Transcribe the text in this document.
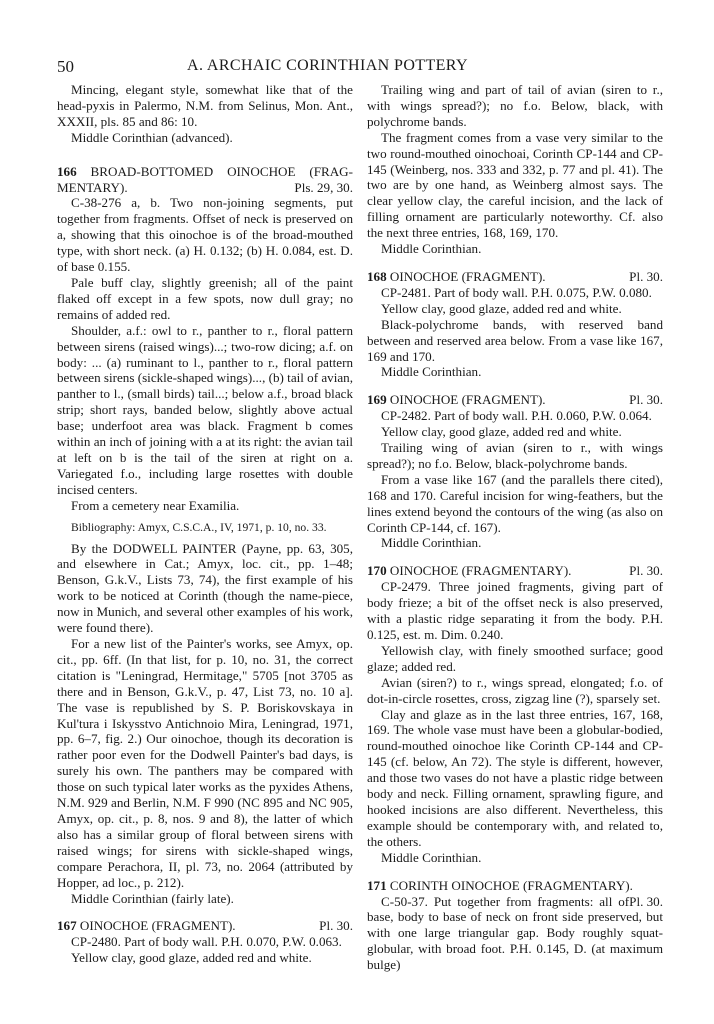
50	A. ARCHAIC CORINTHIAN POTTERY

Mincing, elegant style, somewhat like that of the head-pyxis in Palermo, N.M. from Selinus, Mon. Ant., XXXII, pls. 85 and 86: 10.

Middle Corinthian (advanced).

166 BROAD-BOTTOMED OINOCHOE (FRAG-MENTARY).	Pls. 29, 30.

C-38-276 a, b. Two non-joining segments, put together from fragments. Offset of neck is preserved on a, showing that this oinochoe is of the broad-mouthed type, with short neck. (a) H. 0.132; (b) H. 0.084, est. D. of base 0.155.

Pale buff clay, slightly greenish; all of the paint flaked off except in a few spots, now dull gray; no remains of added red.

Shoulder, a.f.: owl to r., panther to r., floral pattern between sirens (raised wings)...; two-row dicing; a.f. on body: ... (a) ruminant to l., panther to r., floral pattern between sirens (sickle-shaped wings)..., (b) tail of avian, panther to l., (small birds) tail...; below a.f., broad black strip; short rays, banded below, slightly above actual base; underfoot area was black. Fragment b comes within an inch of joining with a at its right: the avian tail at left on b is the tail of the siren at right on a. Variegated f.o., including large rosettes with double incised centers.

From a cemetery near Examilia.

Bibliography: Amyx, C.S.C.A., IV, 1971, p. 10, no. 33.

By the DODWELL PAINTER (Payne, pp. 63, 305, and elsewhere in Cat.; Amyx, loc. cit., pp. 1–48; Benson, G.k.V., Lists 73, 74), the first example of his work to be noticed at Corinth (though the name-piece, now in Munich, and several other examples of his work, were found there).

For a new list of the Painter's works, see Amyx, op. cit., pp. 6ff. (In that list, for p. 10, no. 31, the correct citation is "Leningrad, Hermitage," 5705 [not 3705 as there and in Benson, G.k.V., p. 47, List 73, no. 10 a]. The vase is republished by S. P. Boriskovskaya in Kul'tura i Iskysstvo Antichnoio Mira, Leningrad, 1971, pp. 6–7, fig. 2.) Our oinochoe, though its decoration is rather poor even for the Dodwell Painter's bad days, is surely his own. The panthers may be compared with those on such typical later works as the pyxides Athens, N.M. 929 and Berlin, N.M. F 990 (NC 895 and NC 905, Amyx, op. cit., p. 8, nos. 9 and 8), the latter of which also has a similar group of floral between sirens with raised wings; for sirens with sickle-shaped wings, compare Perachora, II, pl. 73, no. 2064 (attributed by Hopper, ad loc., p. 212).

Middle Corinthian (fairly late).

167 OINOCHOE (FRAGMENT).	Pl. 30.

CP-2480. Part of body wall. P.H. 0.070, P.W. 0.063.

Yellow clay, good glaze, added red and white.

Trailing wing and part of tail of avian (siren to r., with wings spread?); no f.o. Below, black, with polychrome bands.

The fragment comes from a vase very similar to the two round-mouthed oinochoai, Corinth CP-144 and CP-145 (Weinberg, nos. 333 and 332, p. 77 and pl. 41). The two are by one hand, as Weinberg almost says. The clear yellow clay, the careful incision, and the lack of filling ornament are particularly noteworthy. Cf. also the next three entries, 168, 169, 170.

Middle Corinthian.

168 OINOCHOE (FRAGMENT).	Pl. 30.

CP-2481. Part of body wall. P.H. 0.075, P.W. 0.080.

Yellow clay, good glaze, added red and white.

Black-polychrome bands, with reserved band between and reserved area below. From a vase like 167, 169 and 170.

Middle Corinthian.

169 OINOCHOE (FRAGMENT).	Pl. 30.

CP-2482. Part of body wall. P.H. 0.060, P.W. 0.064.

Yellow clay, good glaze, added red and white.

Trailing wing of avian (siren to r., with wings spread?); no f.o. Below, black-polychrome bands.

From a vase like 167 (and the parallels there cited), 168 and 170. Careful incision for wing-feathers, but the lines extend beyond the contours of the wing (as also on Corinth CP-144, cf. 167).

Middle Corinthian.

170 OINOCHOE (FRAGMENTARY).	Pl. 30.

CP-2479. Three joined fragments, giving part of body frieze; a bit of the offset neck is also preserved, with a plastic ridge separating it from the body. P.H. 0.125, est. m. Dim. 0.240.

Yellowish clay, with finely smoothed surface; good glaze; added red.

Avian (siren?) to r., wings spread, elongated; f.o. of dot-in-circle rosettes, cross, zigzag line (?), sparsely set.

Clay and glaze as in the last three entries, 167, 168, 169. The whole vase must have been a globular-bodied, round-mouthed oinochoe like Corinth CP-144 and CP-145 (cf. below, An 72). The style is different, however, and those two vases do not have a plastic ridge between body and neck. Filling ornament, sprawling figure, and hooked incisions are also different. Nevertheless, this example should be contemporary with, and related to, the others.

Middle Corinthian.

171 CORINTH OINOCHOE (FRAGMENTARY).
Pl. 30.

C-50-37. Put together from fragments: all of base, body to base of neck on front side preserved, but with one large triangular gap. Body roughly squat-globular, with broad foot. P.H. 0.145, D. (at maximum bulge)
